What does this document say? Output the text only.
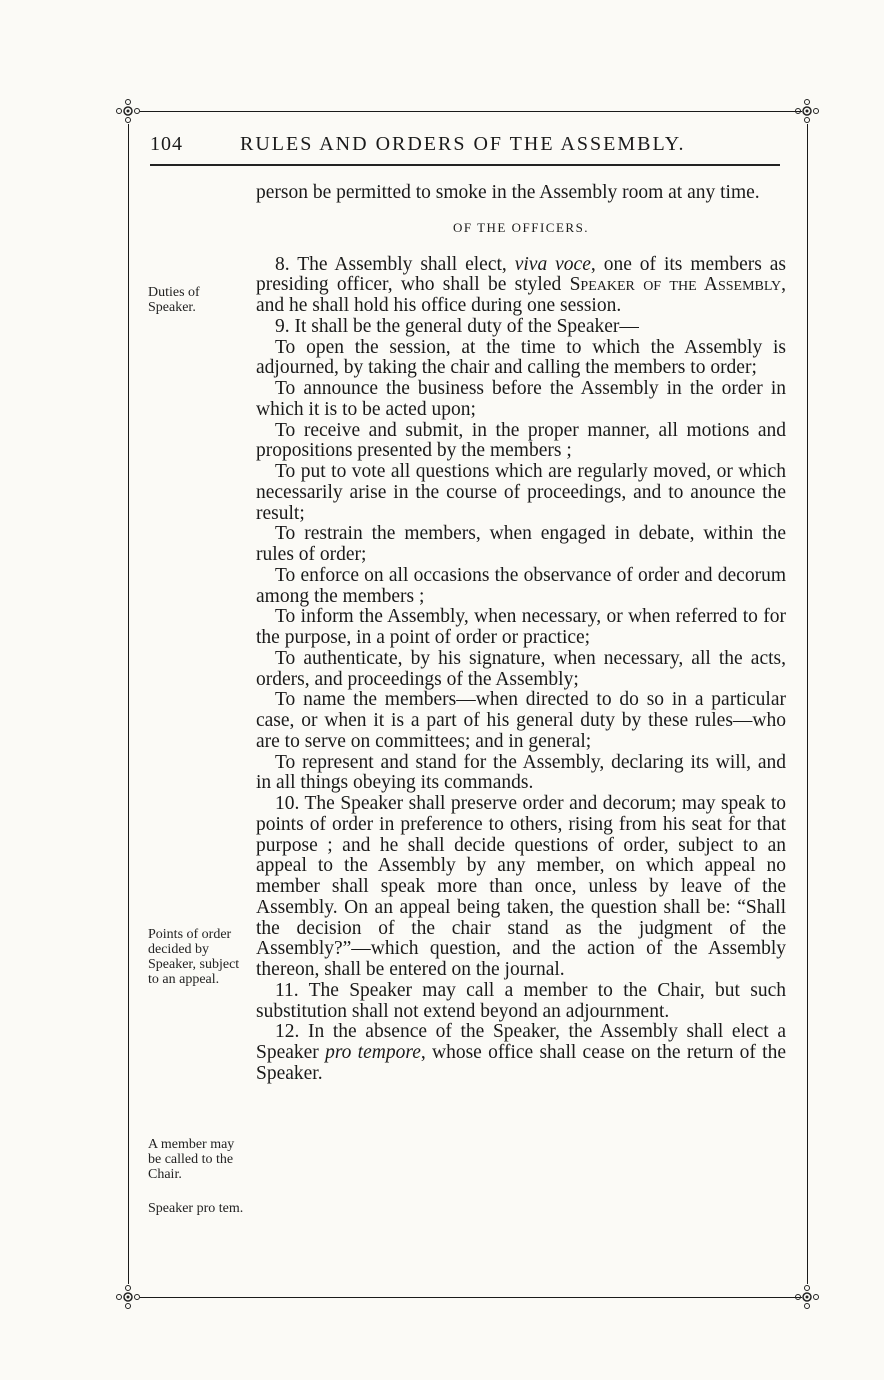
104	RULES AND ORDERS OF THE ASSEMBLY.
Duties of Speaker.
Points of order decided by Speaker, subject to an appeal.
A member may be called to the Chair.
Speaker pro tem.

person be permitted to smoke in the Assembly room at any time.

OF THE OFFICERS.

8. The Assembly shall elect, viva voce, one of its members as presiding officer, who shall be styled Speaker of the Assembly, and he shall hold his office during one session.

9. It shall be the general duty of the Speaker—

To open the session, at the time to which the Assembly is adjourned, by taking the chair and calling the members to order;

To announce the business before the Assembly in the order in which it is to be acted upon;

To receive and submit, in the proper manner, all motions and propositions presented by the members ;

To put to vote all questions which are regularly moved, or which necessarily arise in the course of proceedings, and to anounce the result;

To restrain the members, when engaged in debate, within the rules of order;

To enforce on all occasions the observance of order and decorum among the members ;

To inform the Assembly, when necessary, or when referred to for the purpose, in a point of order or practice;

To authenticate, by his signature, when necessary, all the acts, orders, and proceedings of the Assembly;

To name the members—when directed to do so in a particular case, or when it is a part of his general duty by these rules—who are to serve on committees; and in general;

To represent and stand for the Assembly, declaring its will, and in all things obeying its commands.

10. The Speaker shall preserve order and decorum; may speak to points of order in preference to others, rising from his seat for that purpose ; and he shall decide questions of order, subject to an appeal to the Assembly by any member, on which appeal no member shall speak more than once, unless by leave of the Assembly. On an appeal being taken, the question shall be: “Shall the decision of the chair stand as the judgment of the Assembly?”—which question, and the action of the Assembly thereon, shall be entered on the journal.

11. The Speaker may call a member to the Chair, but such substitution shall not extend beyond an adjournment.

12. In the absence of the Speaker, the Assembly shall elect a Speaker pro tempore, whose office shall cease on the return of the Speaker.
